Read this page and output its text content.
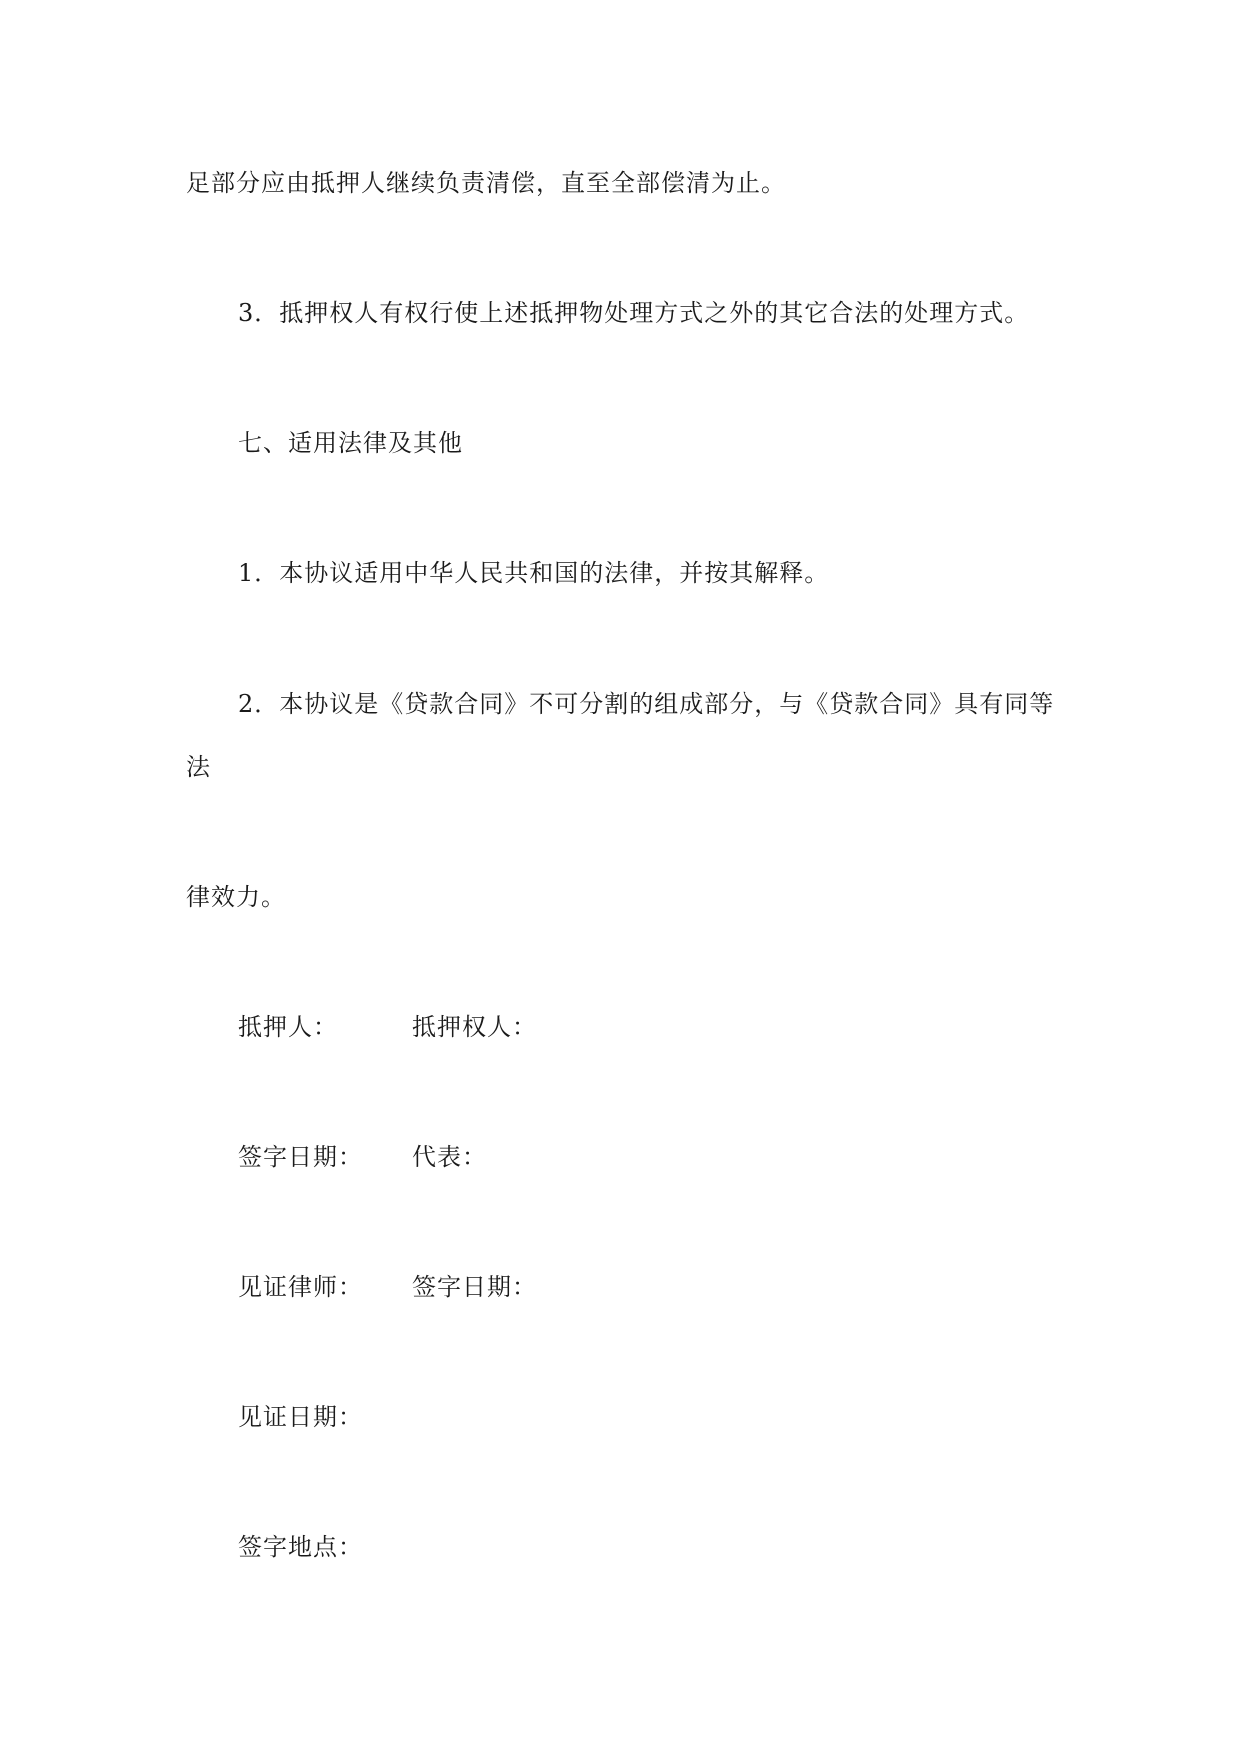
足部分应由抵押人继续负责清偿，直至全部偿清为止。
3．抵押权人有权行使上述抵押物处理方式之外的其它合法的处理方式。
七、适用法律及其他
1．本协议适用中华人民共和国的法律，并按其解释。
2．本协议是《贷款合同》不可分割的组成部分，与《贷款合同》具有同等
法
律效力。
抵押人：	抵押权人：
签字日期： 代表：
见证律师： 签字日期：
见证日期：
签字地点：
